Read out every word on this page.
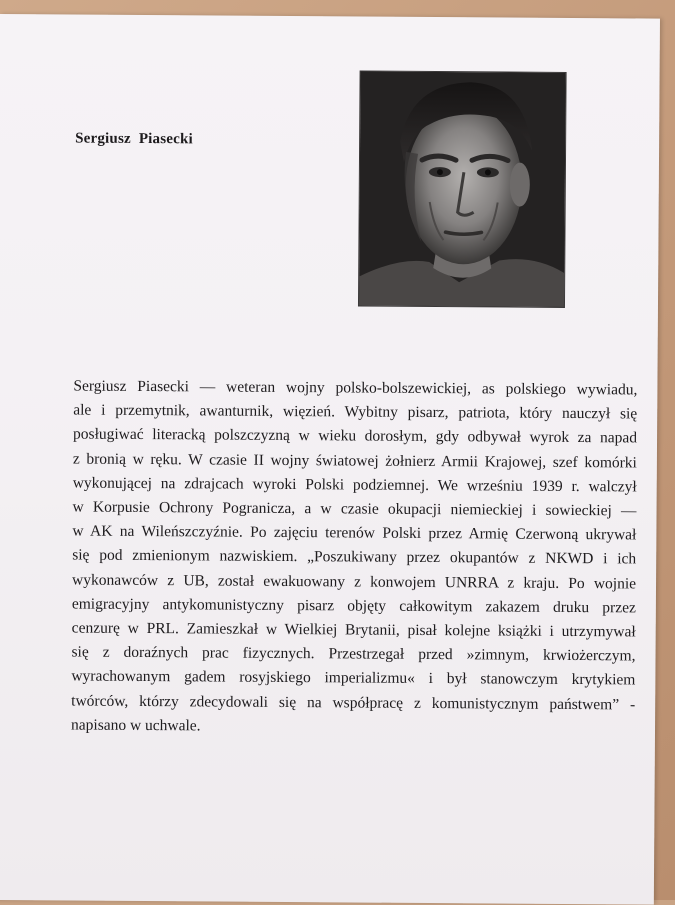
Sergiusz Piasecki
Sergiusz Piasecki — weteran wojny polsko-bolszewickiej, as polskiego wywiadu,
ale i przemytnik, awanturnik, więzień. Wybitny pisarz, patriota, który nauczył się
posługiwać literacką polszczyzną w wieku dorosłym, gdy odbywał wyrok za napad
z bronią w ręku. W czasie II wojny światowej żołnierz Armii Krajowej, szef komórki
wykonującej na zdrajcach wyroki Polski podziemnej. We wrześniu 1939 r. walczył
w Korpusie Ochrony Pogranicza, a w czasie okupacji niemieckiej i sowieckiej —
w AK na Wileńszczyźnie. Po zajęciu terenów Polski przez Armię Czerwoną ukrywał
się pod zmienionym nazwiskiem. „Poszukiwany przez okupantów z NKWD i ich
wykonawców z UB, został ewakuowany z konwojem UNRRA z kraju. Po wojnie
emigracyjny antykomunistyczny pisarz objęty całkowitym zakazem druku przez
cenzurę w PRL. Zamieszkał w Wielkiej Brytanii, pisał kolejne książki i utrzymywał
się z doraźnych prac fizycznych. Przestrzegał przed »zimnym, krwiożerczym,
wyrachowanym gadem rosyjskiego imperializmu« i był stanowczym krytykiem
twórców, którzy zdecydowali się na współpracę z komunistycznym państwem” -
napisano w uchwale.
